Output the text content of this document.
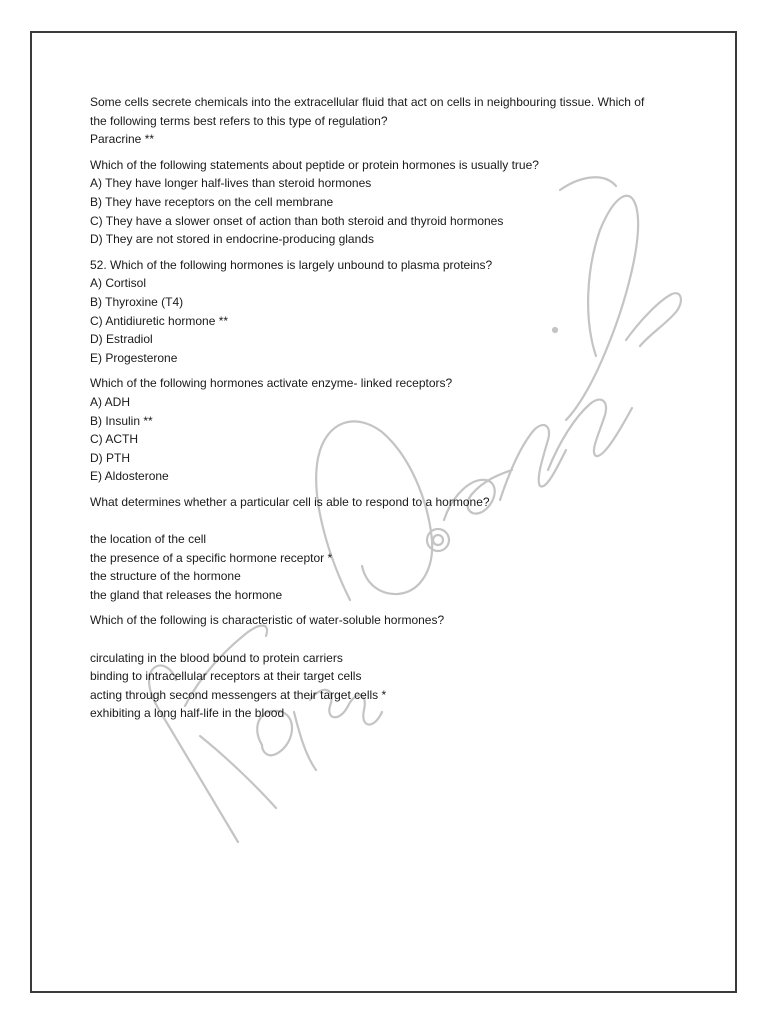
Some cells secrete chemicals into the extracellular fluid that act on cells in neighbouring tissue. Which of
the following terms best refers to this type of regulation?
Paracrine **
Which of the following statements about peptide or protein hormones is usually true?
A) They have longer half-lives than steroid hormones
B) They have receptors on the cell membrane
C) They have a slower onset of action than both steroid and thyroid hormones
D) They are not stored in endocrine-producing glands
52. Which of the following hormones is largely unbound to plasma proteins?
A) Cortisol
B) Thyroxine (T4)
C) Antidiuretic hormone **
D) Estradiol
E) Progesterone
Which of the following hormones activate enzyme- linked receptors?
A) ADH
B) Insulin **
C) ACTH
D) PTH
E) Aldosterone
What determines whether a particular cell is able to respond to a hormone?
the location of the cell
the presence of a specific hormone receptor *
the structure of the hormone
the gland that releases the hormone
Which of the following is characteristic of water-soluble hormones?
circulating in the blood bound to protein carriers
binding to intracellular receptors at their target cells
acting through second messengers at their target cells *
exhibiting a long half-life in the blood
